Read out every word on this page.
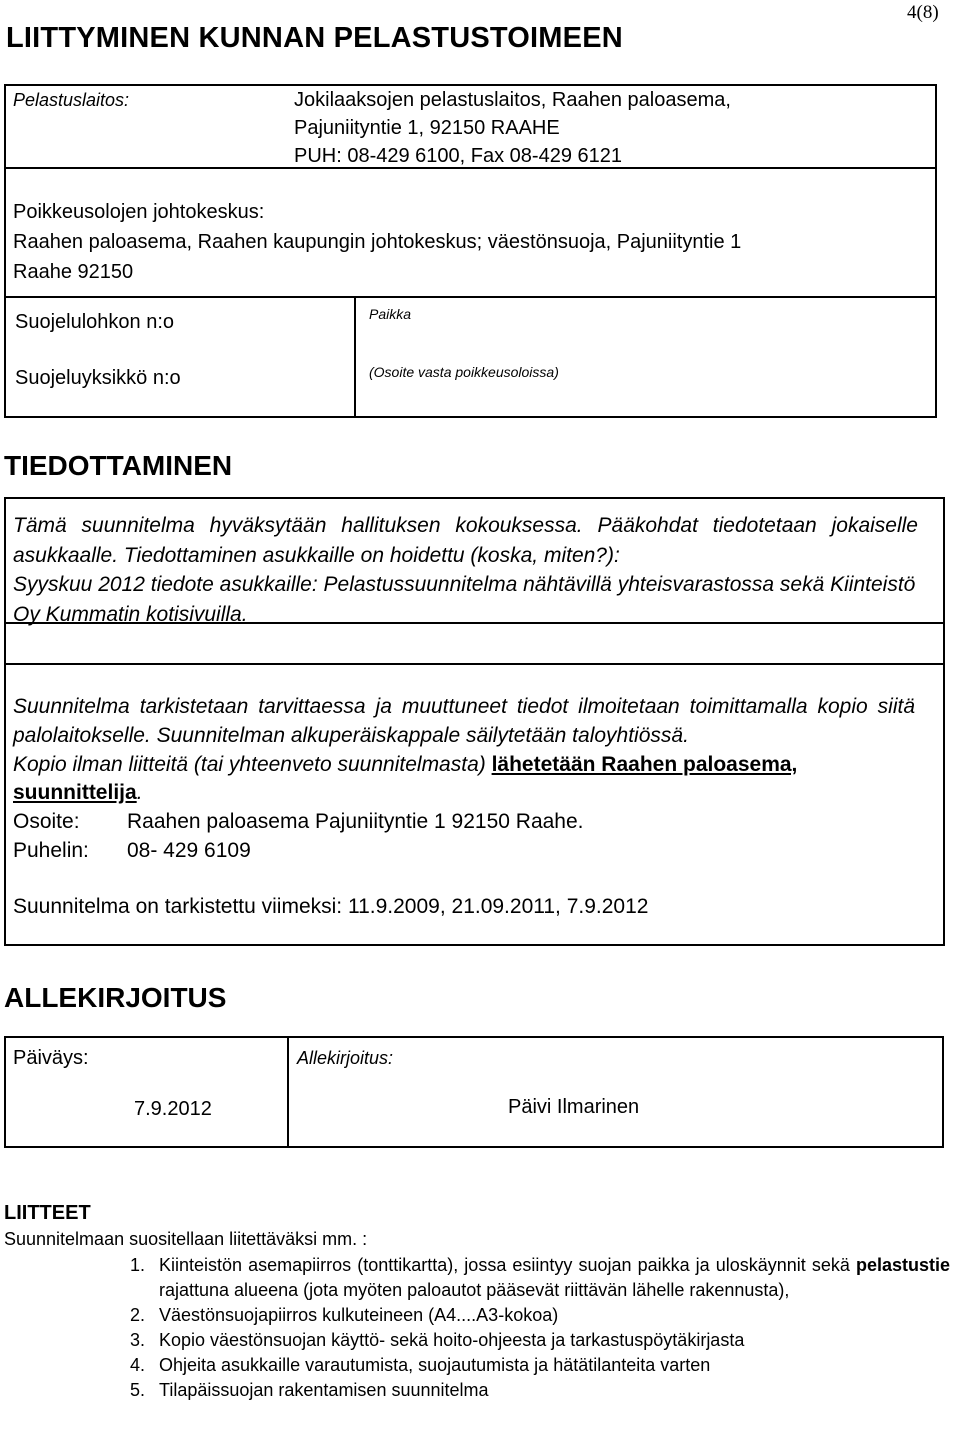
4(8)
LIITTYMINEN KUNNAN PELASTUSTOIMEEN
Pelastuslaitos:	Jokilaaksojen pelastuslaitos, Raahen paloasema,
Pajuniityntie 1, 92150 RAAHE
PUH: 08-429 6100, Fax 08-429 6121
Poikkeusolojen johtokeskus:
Raahen paloasema, Raahen kaupungin johtokeskus; väestönsuoja, Pajuniityntie 1
Raahe 92150
Suojelulohkon n:o
Suojeluyksikkö n:o
Paikka
(Osoite vasta poikkeusoloissa)
TIEDOTTAMINEN
Tämä suunnitelma hyväksytään hallituksen kokouksessa. Pääkohdat tiedotetaan jokaiselle asukkaalle. Tiedottaminen asukkaille on hoidettu (koska, miten?):
Syyskuu 2012 tiedote asukkaille: Pelastussuunnitelma nähtävillä yhteisvarastossa sekä Kiinteistö Oy Kummatin kotisivuilla.
Suunnitelma tarkistetaan tarvittaessa ja muuttuneet tiedot ilmoitetaan toimittamalla kopio siitä palolaitokselle. Suunnitelman alkuperäiskappale säilytetään taloyhtiössä.
Kopio ilman liitteitä (tai yhteenveto suunnitelmasta) lähetetään Raahen paloasema, suunnittelija.
Osoite: Raahen paloasema Pajuniityntie 1 92150 Raahe.
Puhelin: 08- 429 6109
Suunnitelma on tarkistettu viimeksi: 11.9.2009, 21.09.2011, 7.9.2012
ALLEKIRJOITUS
Päiväys:
7.9.2012
Allekirjoitus:
Päivi Ilmarinen
LIITTEET
Suunnitelmaan suositellaan liitettäväksi mm. :
1. Kiinteistön asemapiirros (tonttikartta), jossa esiintyy suojan paikka ja uloskäynnit sekä pelastustie rajattuna alueena (jota myöten paloautot pääsevät riittävän lähelle rakennusta),
2. Väestönsuojapiirros kulkuteineen (A4....A3-kokoa)
3. Kopio väestönsuojan käyttö- sekä hoito-ohjeesta ja tarkastuspöytäkirjasta
4. Ohjeita asukkaille varautumista, suojautumista ja hätätilanteita varten
5. Tilapäissuojan rakentamisen suunnitelma
